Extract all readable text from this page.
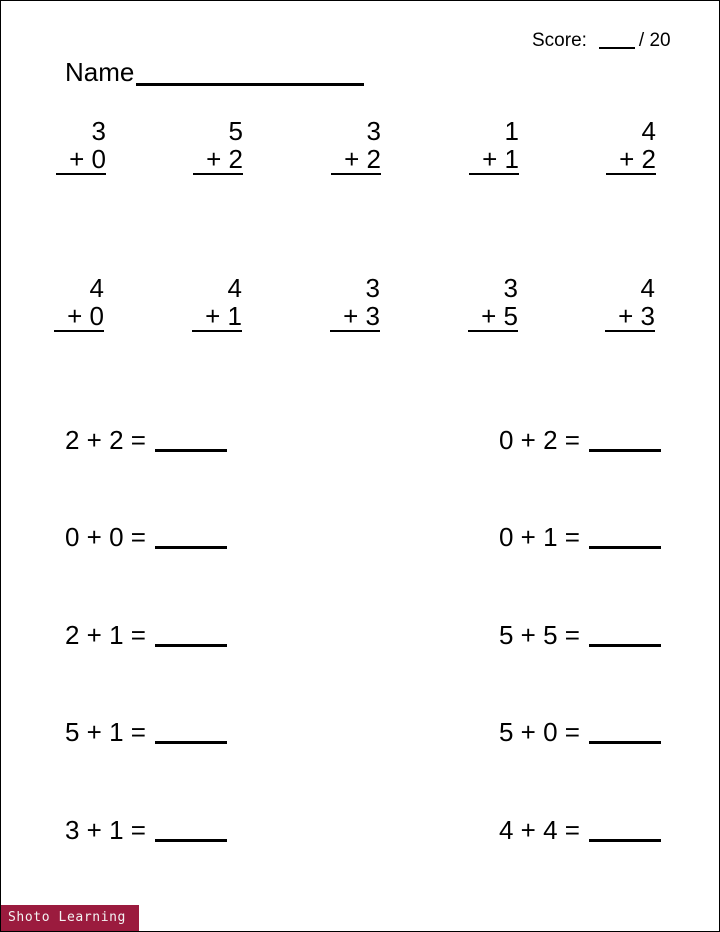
Score:	/ 20
Name
3
+ 0
5
+ 2
3
+ 2
1
+ 1
4
+ 2
4
+ 0
4
+ 1
3
+ 3
3
+ 5
4
+ 3
2 + 2 =	0 + 2 =
0 + 0 =	0 + 1 =
2 + 1 =	5 + 5 =
5 + 1 =	5 + 0 =
3 + 1 =	4 + 4 =
Shoto Learning
